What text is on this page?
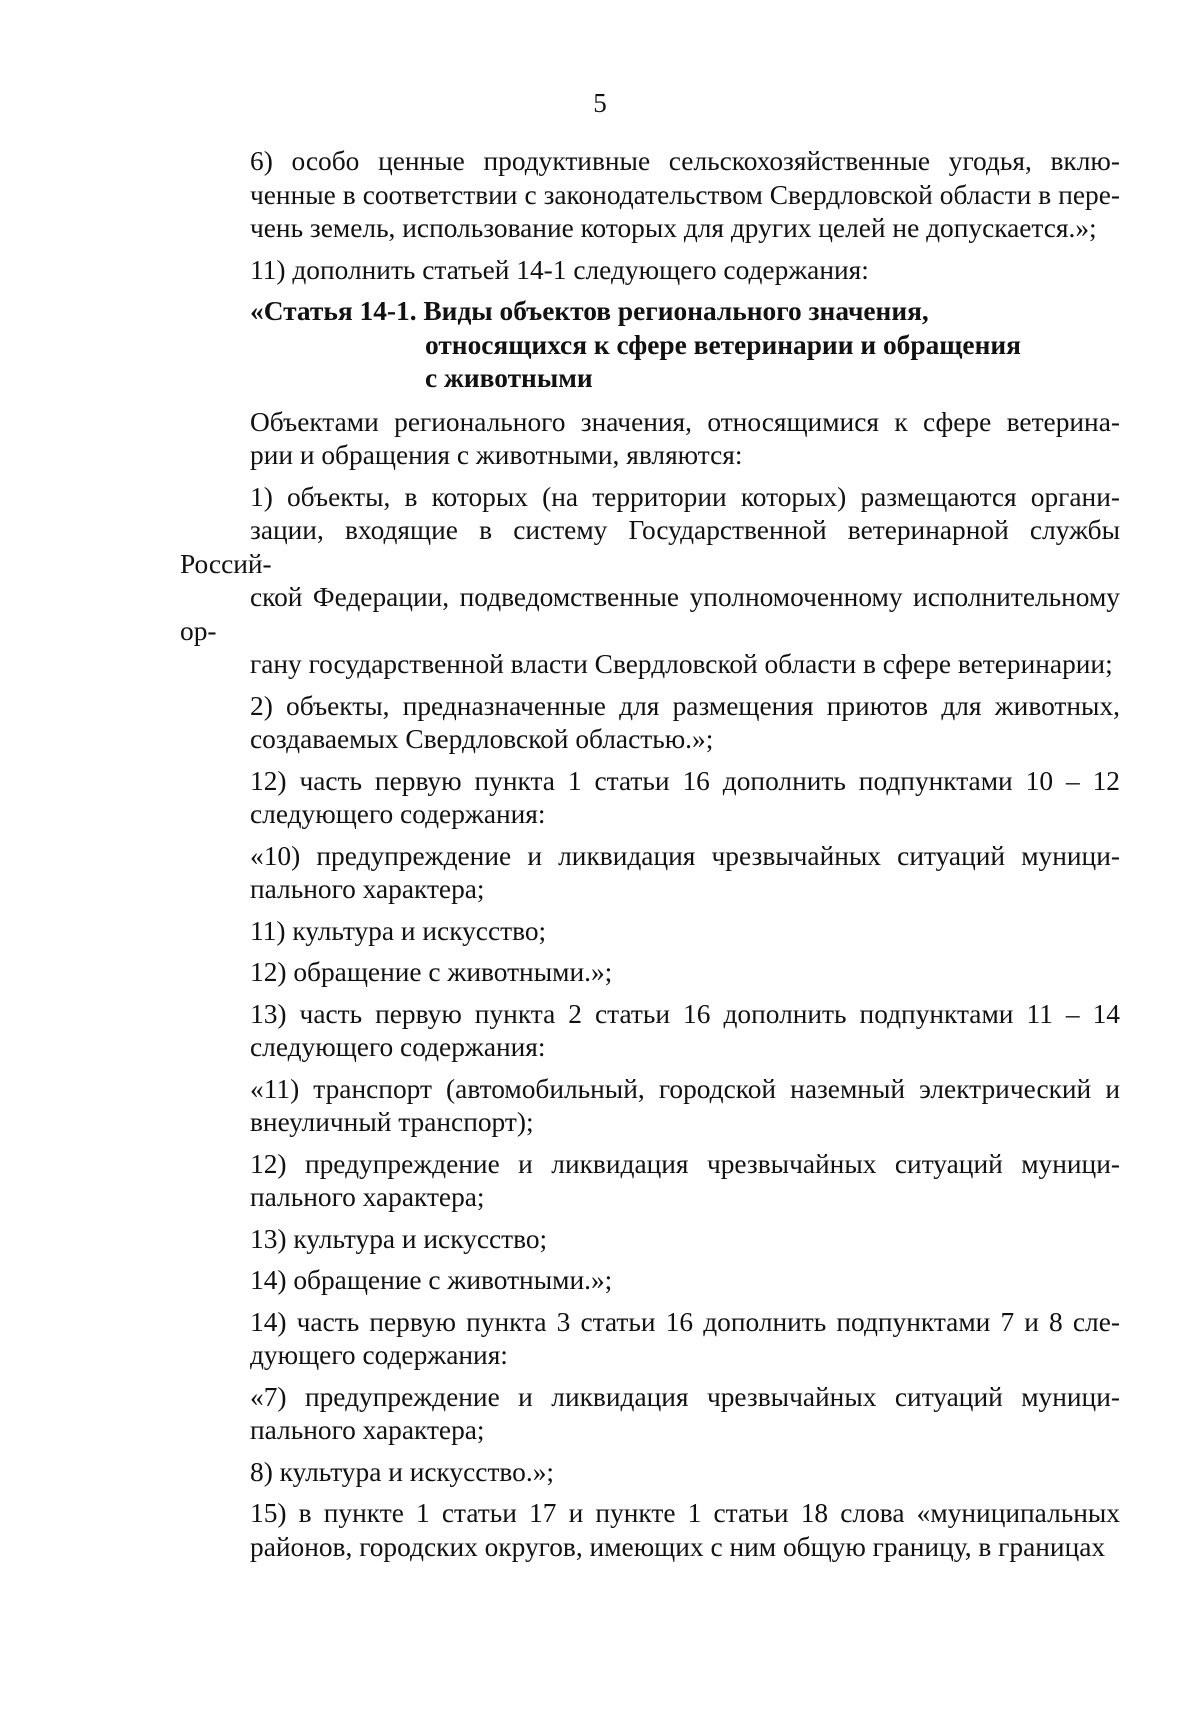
5
6) особо ценные продуктивные сельскохозяйственные угодья, вклю-
ченные в соответствии с законодательством Свердловской области в пере-
чень земель, использование которых для других целей не допускается.»;
11) дополнить статьей 14-1 следующего содержания:
«Статья 14-1. Виды объектов регионального значения,
относящихся к сфере ветеринарии и обращения
с животными
Объектами регионального значения, относящимися к сфере ветерина-
рии и обращения с животными, являются:
1) объекты, в которых (на территории которых) размещаются органи-
зации, входящие в систему Государственной ветеринарной службы Россий-
ской Федерации, подведомственные уполномоченному исполнительному ор-
гану государственной власти Свердловской области в сфере ветеринарии;
2) объекты, предназначенные для размещения приютов для животных,
создаваемых Свердловской областью.»;
12) часть первую пункта 1 статьи 16 дополнить подпунктами 10 – 12
следующего содержания:
«10) предупреждение и ликвидация чрезвычайных ситуаций муници-
пального характера;
11) культура и искусство;
12) обращение с животными.»;
13) часть первую пункта 2 статьи 16 дополнить подпунктами 11 – 14
следующего содержания:
«11) транспорт (автомобильный, городской наземный электрический и
внеуличный транспорт);
12) предупреждение и ликвидация чрезвычайных ситуаций муници-
пального характера;
13) культура и искусство;
14) обращение с животными.»;
14) часть первую пункта 3 статьи 16 дополнить подпунктами 7 и 8 сле-
дующего содержания:
«7) предупреждение и ликвидация чрезвычайных ситуаций муници-
пального характера;
8) культура и искусство.»;
15) в пункте 1 статьи 17 и пункте 1 статьи 18 слова «муниципальных
районов, городских округов, имеющих с ним общую границу, в границах
